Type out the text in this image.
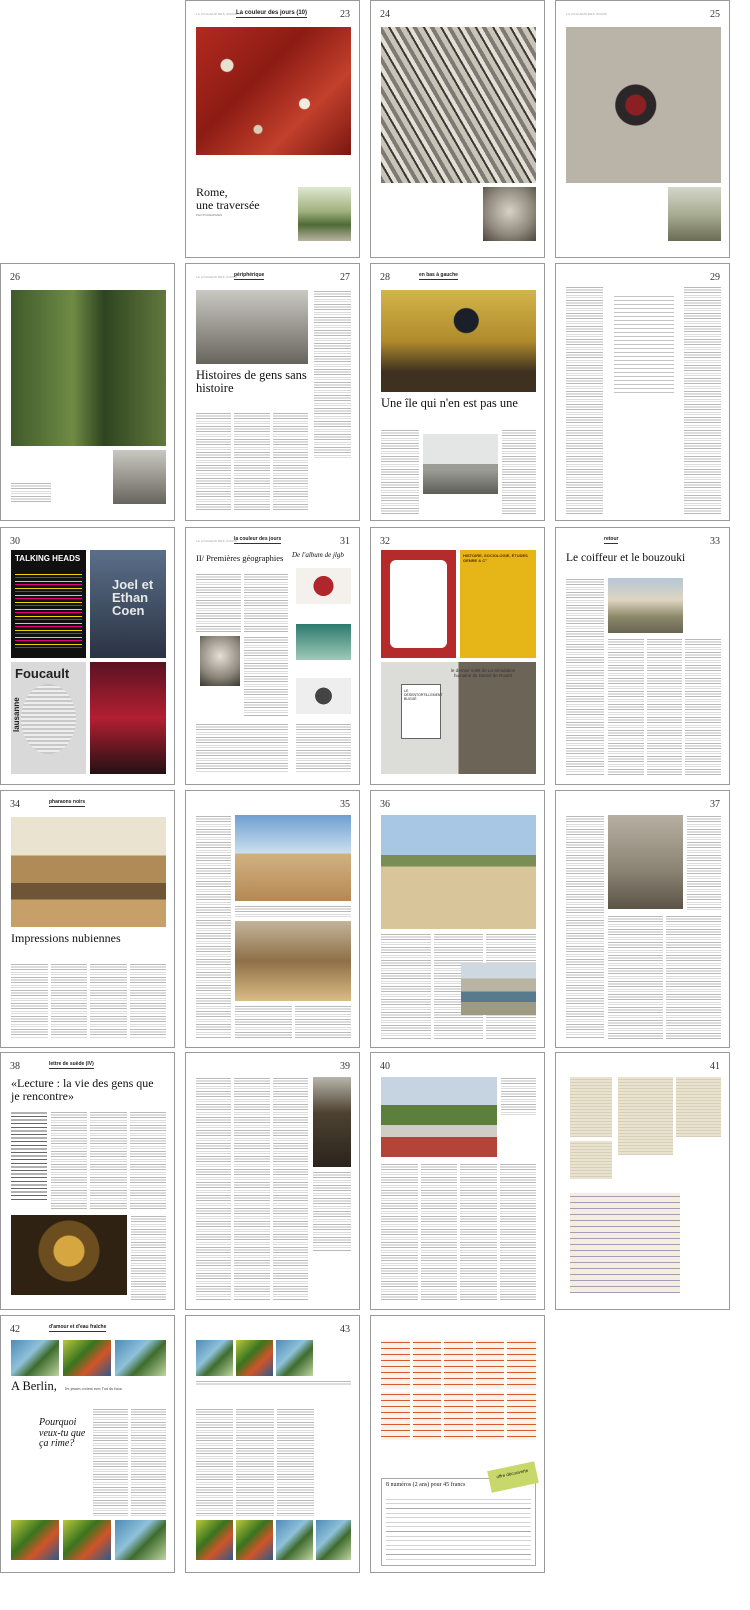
LA COULEUR DES JOURS
La couleur des jours (10)	23
Rome,
une traversée
PHOTOGRAPHIES
24	LA COULEUR DES JOURS	25
26	LA COULEUR DES JOURS
périphérique	27
Histoires de gens sans histoire
28	en bas à gauche
Une île qui n'en est pas une
29
30
TALKING HEADS
Joel et Ethan Coen
Foucault
lausanne
LA COULEUR DES JOURS
la couleur des jours	31
II/ Premières géographies	De l'album de jlgb
32
HISTOIRE, SOCIOLOGIE, ÉTUDES GENRE & C°
le dernier volet de La Simulation humaine de Daniel de Roulet
LE DÉSENTORTILLEMENT BUGGÉ
retour	33
Le coiffeur et le bouzouki
34	pharaons noirs
Impressions nubiennes
35	36	37
38	lettre de suède (IV)
«Lecture : la vie des gens que je rencontre»
39	40	41
42	d'amour et d'eau fraîche
A Berlin, les jeunes croient avec l'art du futur
Pourquoi veux-tu que ça rime?
43
8 numéros (2 ans) pour 45 francs
offre découverte
